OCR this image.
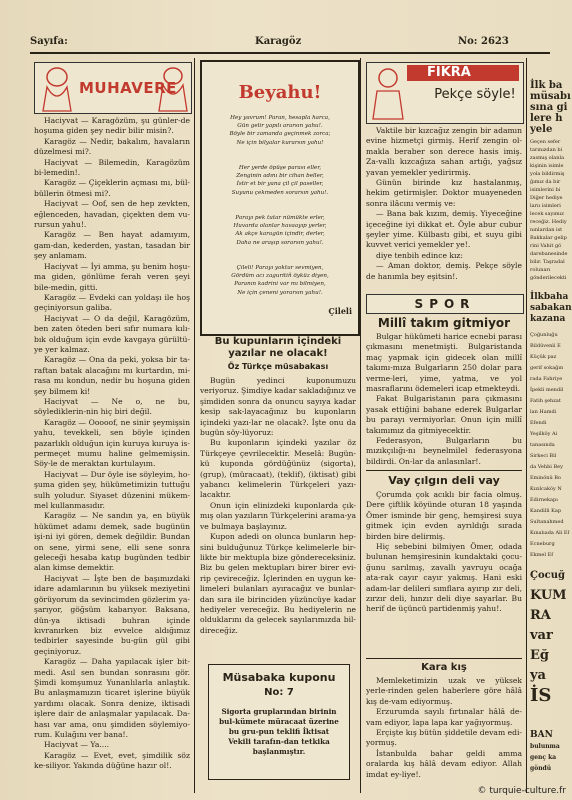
Sayıfa:	Karagöz	No: 2623
MUHAVERE

Haciyvat — Karagözüm, şu günler-de hoşuma giden şey nedir bilir misin?.

Karagöz — Nedir, bakalım, havaların düzelmesi mi?.

Haciyvat — Bilemedin, Karagözüm bi-lemedin!.

Karagöz — Çiçeklerin açması mı, bül-büllerin ötmesi mi?.

Haciyvat — Oof, sen de hep zevkten, eğlenceden, havadan, çiçekten dem vu-rursun yahu!.

Karagöz — Ben hayat adamıyım, gam-dan, kederden, yastan, tasadan bir şey anlamam.

Haciyvat — İyi amma, şu benim hoşu-ma giden, gönlüme ferah veren şeyi bile-medin, gitti.

Karagöz — Evdeki can yoldaşı ile hoş geçiniyorsun galiba.

Haciyvat — O da değil, Karagözüm, ben zaten öteden beri sıfır numara kılı-bık olduğum için evde kavgaya gürültü-ye yer kalmaz.

Karagöz — Ona da peki, yoksa bir ta-raftan batak alacağını mı kurtardın, mi-rasa mı kondun, nedir bu hoşuna giden şey bilmem ki!

Haciyvat — Ne o, ne bu, söylediklerin-nin hiç biri değil.

Karagöz — Ooooof, ne sinir şeymişsin yahu, tevekkeli, sen böyle içinden pazarlıklı olduğun için kuruya kuruya is-permeçet mumu haline gelmemişsin. Söy-le de meraktan kurtulayım.

Haciyvat — Dur öyle ise söyleyim, ho-şuma giden şey, hükümetimizin tuttuğu sulh yoludur. Siyaset düzenini mükem-mel kullanmasıdır.

Karagöz — Ne sandın ya, en büyük hükümet adamı demek, sade bugünün işi-ni iyi gören, demek değildir. Bundan on sene, yirmi sene, elli sene sonra geleceği hesaba katıp bugünden tedbir alan kimse demektir.

Haciyvat — İşte ben de başımızdaki idare adamlarının bu yüksek meziyetini görüyorum da sevincimden gözlerim ya-şarıyor, göğsüm kabarıyor. Baksana, dün-ya iktisadi buhran içinde kıvranırken biz evvelce aldığımız tedbirler sayesinde bu-gün gül gibi geçiniyoruz.

Karagöz — Daha yapılacak işler bit-medi. Asıl sen bundan sonrasını gör. Şimdi komşumuz Yunanlılarla anlaştık. Bu anlaşmamızın ticaret işlerine büyük yardımı olacak. Sonra denize, iktisadi işlere dair de anlaşmalar yapılacak. Da-hası var ama, onu şimdiden söylemiyo-rum. Kulağını ver bana!.

Haciyvat — Ya....

Karagöz — Evet, evet, şimdilik söz ke-siliyor. Yakında düğüne hazır ol!.

Beyahu!
Hey yavrum! Paran, hesapla harca,
Gün gelir yapılı ararsın yahu!.
Böyle bir zamanda geçinmek zorca;
Ne için bilyalar kurarsın yahu!
Her yerde öpüşe parası eller,
Zenginin adını bir cihan beller,
İstir et bir yana çil çil paseller,
Suyunu çekmeden sorarsın yahu!.
Parayı pek tutar nümükte erler,
Huvarda olanlar havaayıp yerler,
Ak akçe karagün içindir, derler,
Daha ne araşıp sorarsın yahu!.
Çileli! Parayı yoktur sevmiyen,
Gördüm acı zaguritiñ öyküz diyen,
Paranın kadrini var mı bilmiyen,
Ne için çeneni yorarsın yahu!.
Çileli
Bu kupunların içindeki yazılar ne olacak!
Öz Türkçe müsabakası

Bugün yedinci kuponumuzu veriyoruz. Şimdiye kadar sakladığınız ve şimdiden sonra da onuncu sayıya kadar kesip sak-layacağınız bu kuponların içindeki yazı-lar ne olacak?. İşte onu da bugün söy-lüyoruz:

Bu kuponların içindeki yazılar öz Türkçeye çevrilecektir. Meselâ: Bugün-kü kuponda gördüğünüz (sigorta), (grup), (müracaat), (teklif), (iktisat) gibi yabancı kelimelerin Türkçeleri yazı-lacaktır.

Onun için elinizdeki kuponlarda çık-mış olan yazıların Türkçelerini arama-ya ve bulmaya başlayınız.

Kupon adedi on olunca bunların hep-sini bulduğunuz Türkçe kelimelerle bir-likte bir mektupla bize göndereceksiniz. Biz bu gelen mektupları birer birer evi-rip çevireceğiz. İçlerinden en uygun ke-limeleri bulanları ayıracağız ve bunlar-dan sıra ile birinciden yüzüncüye kadar hediyeler vereceğiz. Bu hediyelerin ne olduklarını da gelecek sayılarımızda bil-direceğiz.

Müsabaka kuponu
No: 7
Sigorta gruplarından birinin bul-kümete müracaat üzerine bu gru-pun teklifi İktisat Vekili tarafın-dan tetkika başlanmıştır.
FIKRA
Pekçe söyle!

Vaktile bir kızcağız zengin bir adamın evine hizmetçi girmiş. Herif zengin ol-makla beraber son derece hasis imiş. Za-vallı kızcağıza sahan artığı, yağsız yavan yemekler yedirirmiş.

Günün birinde kız hastalanmış, hekim getirmişler. Doktor muayeneden sonra ilâcını vermiş ve:

— Bana bak kızım, demiş. Yiyeceğine içeceğine iyi dikkat et. Öyle abur cubur şeyler yime. Külbastı gibi, et suyu gibi kuvvet verici yemekler ye!.

diye tenbih edince kız:

— Aman doktor, demiş. Pekçe söyle de hanımla bey eşitsin!.

SPOR
Millî takım gitmiyor

Bulgar hükümeti harice ecnebi parası çıkmasını menetmişti. Bulgaristanda maç yapmak için gidecek olan millî takımı-mıza Bulgarların 250 dolar para verme-leri, yime, yatma, ve yol masraflarını ödemeleri icap etmekteydi.

Fakat Bulgaristanın para çıkmasını yasak ettiğini bahane ederek Bulgarlar bu parayı vermiyorlar. Onun için millî takımımız da gitmiyecektir.

Federasyon, Bulgarların bu mızıkçılığı-nı beynelmilel federasyona bildirdi. On-lar da anlasınlar!.

Vay çılgın deli vay

Çorumda çok acıklı bir facia olmuş. Dere çiftlik köyünde oturan 18 yaşında Ömer isminde bir genç, hemşiresi suya gitmek için evden ayrıldığı sırada birden bire delirmiş.

Hiç sebebini bilmiyen Ömer, odada bulunan hemşiresinin kundaktaki çocu-ğunu sarılmış, zavallı yavruyu ocağa ata-rak cayır cayır yakmış. Hani eski adam-lar delileri sımflara ayırıp zır deli, zırzır deli, hınzır deli diye sayarlar. Bu herif de üçüncü partidenmiş yahu!.

Kara kış

Memleketimizin uzak ve yüksek yerle-rinden gelen haberlere göre hâlâ kış de-vam ediyormuş.

Erzurumda sayılı fırtınalar hâlâ de-vam ediyor, lapa lapa kar yağıyormuş.

Erçişte kış bütün şiddetile devam edi-yormuş.

İstanbulda bahar geldi amma oralarda kış hâlâ devam ediyor. Allah imdat ey-liye!.

İlk ba
müsabı
sına gi
lere h
yele
Geçen sefer
tarınızdan bi
zasmış olanla
kişinin isimle
yola bildirmiş
ğımız da bir
isimlerini bi
Diğer hediye
larıı isimleri
lecek sayımız
receğiz. Hediy
nınlardan ist
Bakkalar gelip
rini Vahit gö
darebanesinde
bilır. Taşradal
rolunarı
gönderilecekti
İlkbaha
sabakan
kazana
Çoğunluğu
Bildüvenli E
Küçük paz
gerif sokağın
rada Fahriye
İpekli mendil
Fatih şehzat
lan Hamdi Efendi
Yeşilköy Ai
tanasında
Sirkeci Bil
da Vehbi Bey
Eminönü Bo
Kızılcaköy N
Edirnekapı
Kandilli Kap
Sultanahmed
Kınalıada Ali Ef
Ecneburg
Ekmel Ef
Çocuğ
KUM
RA
var
Eğ
ya
İS
BAN
bulunma
genç ka
göndü
© turquie-culture.fr
